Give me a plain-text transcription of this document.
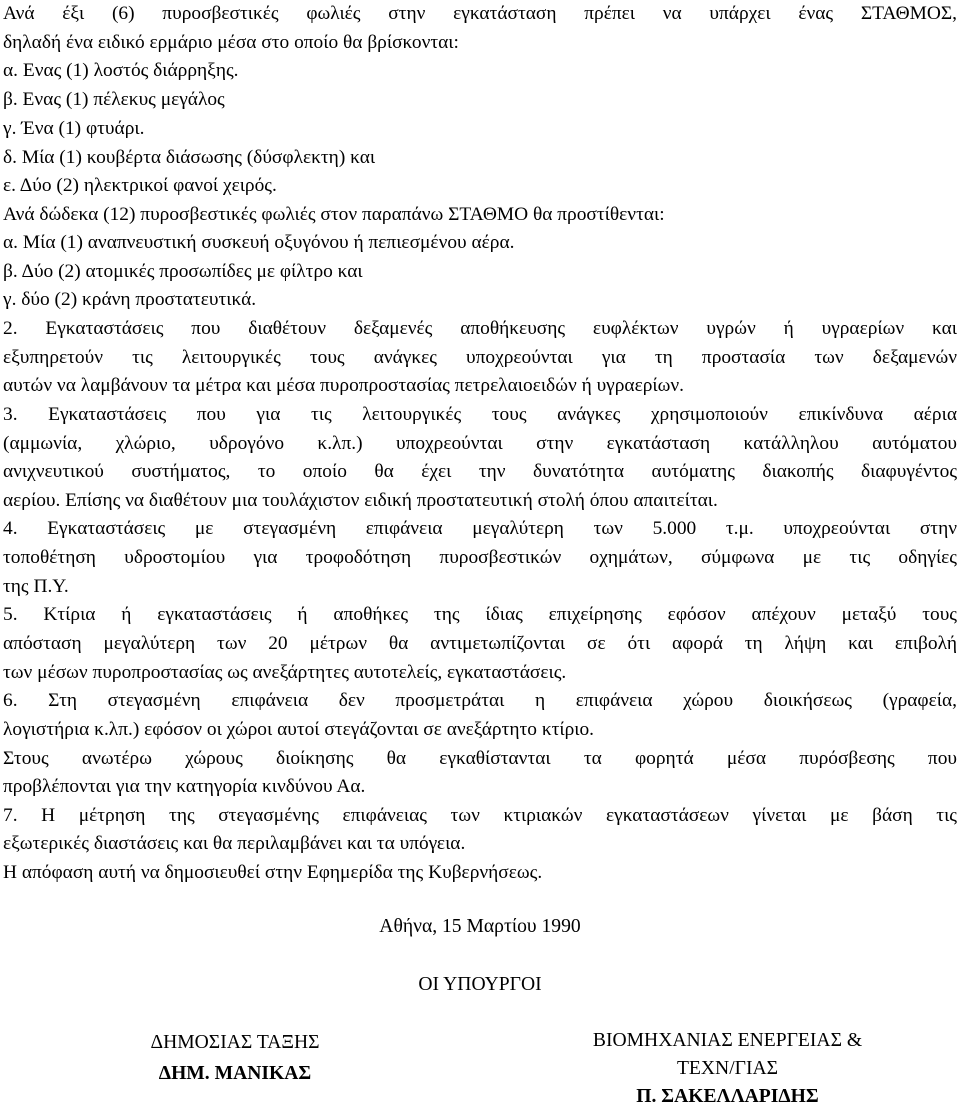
Ανά έξι (6) πυροσβεστικές φωλιές στην εγκατάσταση πρέπει να υπάρχει ένας ΣΤΑΘΜΟΣ,
δηλαδή ένα ειδικό ερμάριο μέσα στο οποίο θα βρίσκονται:
α. Ενας (1) λοστός διάρρηξης.
β. Ενας (1) πέλεκυς μεγάλος
γ. Ένα (1) φτυάρι.
δ. Μία (1) κουβέρτα διάσωσης (δύσφλεκτη) και
ε. Δύο (2) ηλεκτρικοί φανοί χειρός.
Ανά δώδεκα (12) πυροσβεστικές φωλιές στον παραπάνω ΣΤΑΘΜΟ θα προστίθενται:
α. Μία (1) αναπνευστική συσκευή οξυγόνου ή πεπιεσμένου αέρα.
β. Δύο (2) ατομικές προσωπίδες με φίλτρο και
γ. δύο (2) κράνη προστατευτικά.
2. Εγκαταστάσεις που διαθέτουν δεξαμενές αποθήκευσης ευφλέκτων υγρών ή υγραερίων και
εξυπηρετούν τις λειτουργικές τους ανάγκες υποχρεούνται για τη προστασία των δεξαμενών
αυτών να λαμβάνουν τα μέτρα και μέσα πυροπροστασίας πετρελαιοειδών ή υγραερίων.
3. Εγκαταστάσεις που για τις λειτουργικές τους ανάγκες χρησιμοποιούν επικίνδυνα αέρια
(αμμωνία, χλώριο, υδρογόνο κ.λπ.) υποχρεούνται στην εγκατάσταση κατάλληλου αυτόματου
ανιχνευτικού συστήματος, το οποίο θα έχει την δυνατότητα αυτόματης διακοπής διαφυγέντος
αερίου. Επίσης να διαθέτουν μια τουλάχιστον ειδική προστατευτική στολή όπου απαιτείται.
4. Εγκαταστάσεις με στεγασμένη επιφάνεια μεγαλύτερη των 5.000 τ.μ. υποχρεούνται στην
τοποθέτηση υδροστομίου για τροφοδότηση πυροσβεστικών οχημάτων, σύμφωνα με τις οδηγίες
της Π.Υ.
5. Κτίρια ή εγκαταστάσεις ή αποθήκες της ίδιας επιχείρησης εφόσον απέχουν μεταξύ τους
απόσταση μεγαλύτερη των 20 μέτρων θα αντιμετωπίζονται σε ότι αφορά τη λήψη και επιβολή
των μέσων πυροπροστασίας ως ανεξάρτητες αυτοτελείς, εγκαταστάσεις.
6. Στη στεγασμένη επιφάνεια δεν προσμετράται η επιφάνεια χώρου διοικήσεως (γραφεία,
λογιστήρια κ.λπ.) εφόσον οι χώροι αυτοί στεγάζονται σε ανεξάρτητο κτίριο.
Στους ανωτέρω χώρους διοίκησης θα εγκαθίστανται τα φορητά μέσα πυρόσβεσης που
προβλέπονται για την κατηγορία κινδύνου Αα.
7. Η μέτρηση της στεγασμένης επιφάνειας των κτιριακών εγκαταστάσεων γίνεται με βάση τις
εξωτερικές διαστάσεις και θα περιλαμβάνει και τα υπόγεια.
Η απόφαση αυτή να δημοσιευθεί στην Εφημερίδα της Κυβερνήσεως.
Αθήνα, 15 Μαρτίου 1990
ΟΙ ΥΠΟΥΡΓΟΙ
ΔΗΜΟΣΙΑΣ ΤΑΞΗΣ
ΔΗΜ. ΜΑΝΙΚΑΣ
ΒΙΟΜΗΧΑΝΙΑΣ ΕΝΕΡΓΕΙΑΣ &
ΤΕΧΝ/ΓΙΑΣ
Π. ΣΑΚΕΛΛΑΡΙΔΗΣ
